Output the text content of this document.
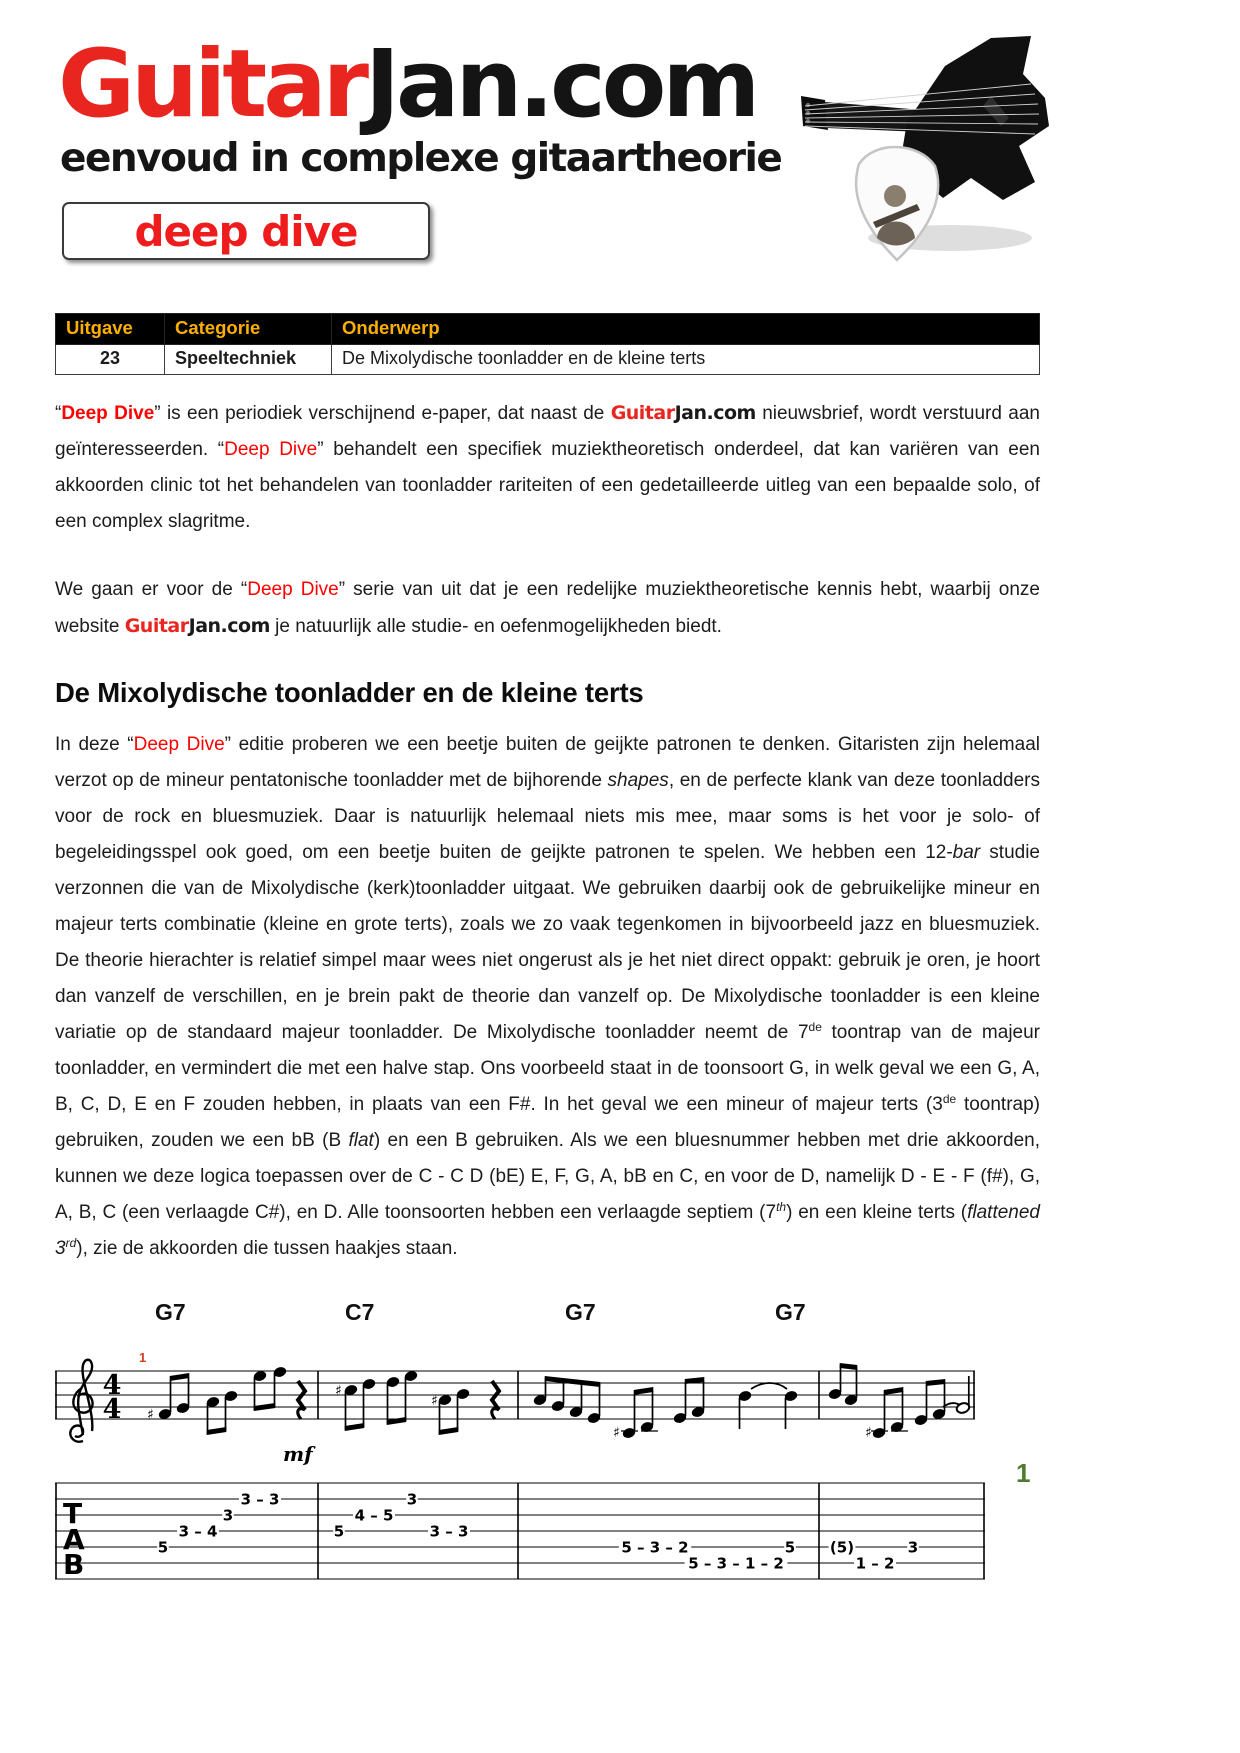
GuitarJan.com
eenvoud in complexe gitaartheorie
deep dive
Uitgave	Categorie	Onderwerp
23	Speeltechniek	De Mixolydische toonladder en de kleine terts

“Deep Dive” is een periodiek verschijnend e-paper, dat naast de GuitarJan.com nieuwsbrief, wordt verstuurd aan geïnteresseerden. “Deep Dive” behandelt een specifiek muziektheoretisch onderdeel, dat kan variëren van een akkoorden clinic tot het behandelen van toonladder rariteiten of een gedetailleerde uitleg van een bepaalde solo, of een complex slagritme.

We gaan er voor de “Deep Dive” serie van uit dat je een redelijke muziektheoretische kennis hebt, waarbij onze website GuitarJan.com je natuurlijk alle studie- en oefenmogelijkheden biedt.

De Mixolydische toonladder en de kleine terts

In deze “Deep Dive” editie proberen we een beetje buiten de geijkte patronen te denken. Gitaristen zijn helemaal verzot op de mineur pentatonische toonladder met de bijhorende shapes, en de perfecte klank van deze toonladders voor de rock en bluesmuziek. Daar is natuurlijk helemaal niets mis mee, maar soms is het voor je solo- of begeleidingsspel ook goed, om een beetje buiten de geijkte patronen te spelen. We hebben een 12-bar studie verzonnen die van de Mixolydische (kerk)toonladder uitgaat. We gebruiken daarbij ook de gebruikelijke mineur en majeur terts combinatie (kleine en grote terts), zoals we zo vaak tegenkomen in bijvoorbeeld jazz en bluesmuziek. De theorie hierachter is relatief simpel maar wees niet ongerust als je het niet direct oppakt: gebruik je oren, je hoort dan vanzelf de verschillen, en je brein pakt de theorie dan vanzelf op. De Mixolydische toonladder is een kleine variatie op de standaard majeur toonladder. De Mixolydische toonladder neemt de 7de toontrap van de majeur toonladder, en vermindert die met een halve stap. Ons voorbeeld staat in de toonsoort G, in welk geval we een G, A, B, C, D, E en F zouden hebben, in plaats van een F#. In het geval we een mineur of majeur terts (3de toontrap) gebruiken, zouden we een bB (B flat) en een B gebruiken. Als we een bluesnummer hebben met drie akkoorden, kunnen we deze logica toepassen over de C - C D (bE) E, F, G, A, bB en C, en voor de D, namelijk D - E - F (f#), G, A, B, C (een verlaagde C#), en D. Alle toonsoorten hebben een verlaagde septiem (7th) en een kleine terts (flattened 3rd), zie de akkoorden die tussen haakjes staan.

G7	C7	G7	G7
4
4
1
♯
♯
♯
♯	♯
mf
T
A
B
5
3 – 4
3
3 – 3
5
4 – 5
3
3 – 3
5 – 3 – 2
5 – 3 – 1 – 2
5 (5)
1 – 2
3
1
